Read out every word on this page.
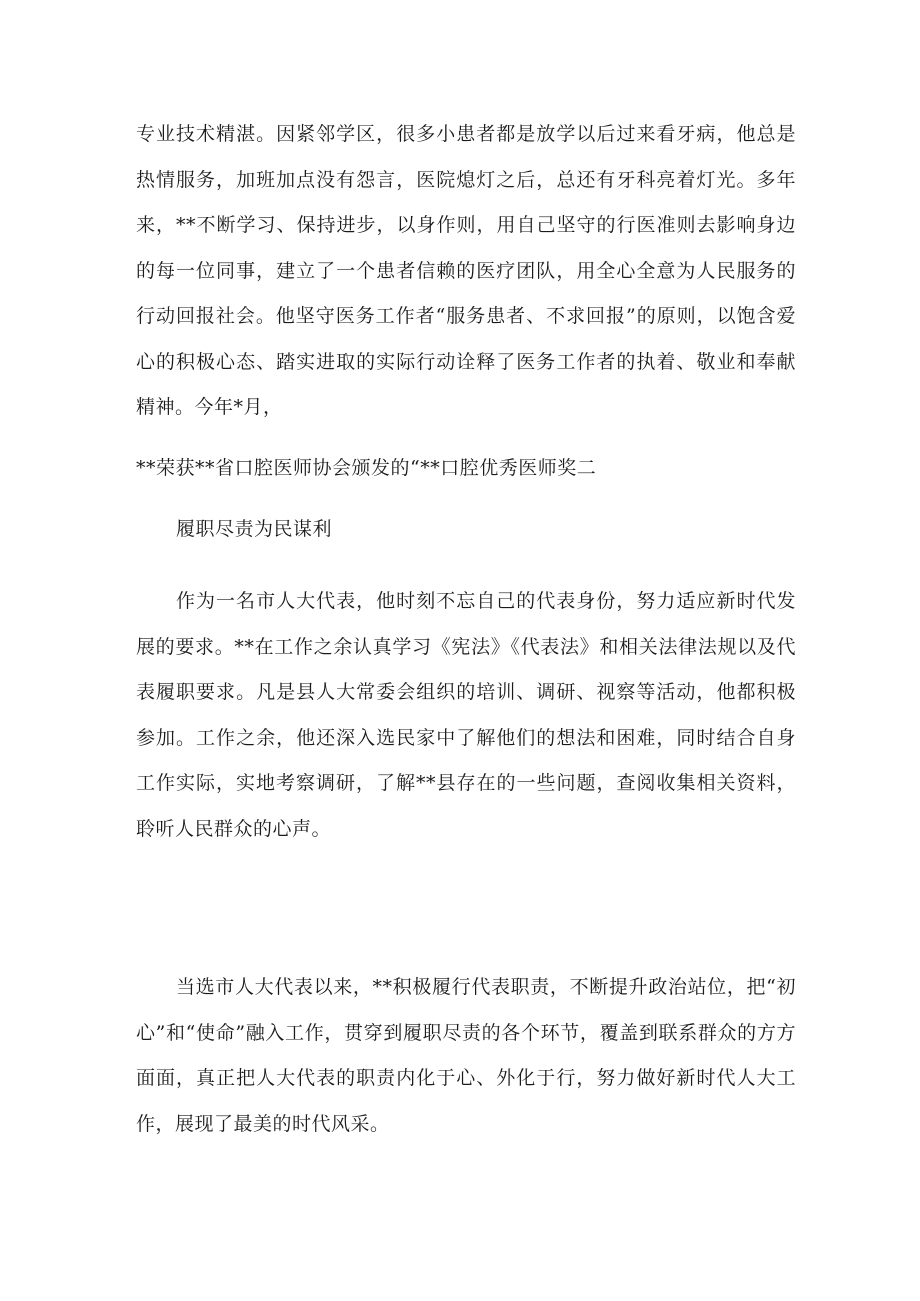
专业技术精湛。因紧邻学区，很多小患者都是放学以后过来看牙病，他总是热情服务，加班加点没有怨言，医院熄灯之后，总还有牙科亮着灯光。多年来，**不断学习、保持进步，以身作则，用自己坚守的行医准则去影响身边的每一位同事，建立了一个患者信赖的医疗团队，用全心全意为人民服务的行动回报社会。他坚守医务工作者“服务患者、不求回报”的原则，以饱含爱心的积极心态、踏实进取的实际行动诠释了医务工作者的执着、敬业和奉献精神。今年*月，

**荣获**省口腔医师协会颁发的“**口腔优秀医师奖二

履职尽责为民谋利

作为一名市人大代表，他时刻不忘自己的代表身份，努力适应新时代发展的要求。**在工作之余认真学习《宪法》《代表法》和相关法律法规以及代表履职要求。凡是县人大常委会组织的培训、调研、视察等活动，他都积极参加。工作之余，他还深入选民家中了解他们的想法和困难，同时结合自身工作实际，实地考察调研，了解**县存在的一些问题，查阅收集相关资料，聆听人民群众的心声。

当选市人大代表以来，**积极履行代表职责，不断提升政治站位，把“初心”和“使命”融入工作，贯穿到履职尽责的各个环节，覆盖到联系群众的方方面面，真正把人大代表的职责内化于心、外化于行，努力做好新时代人大工作，展现了最美的时代风采。
